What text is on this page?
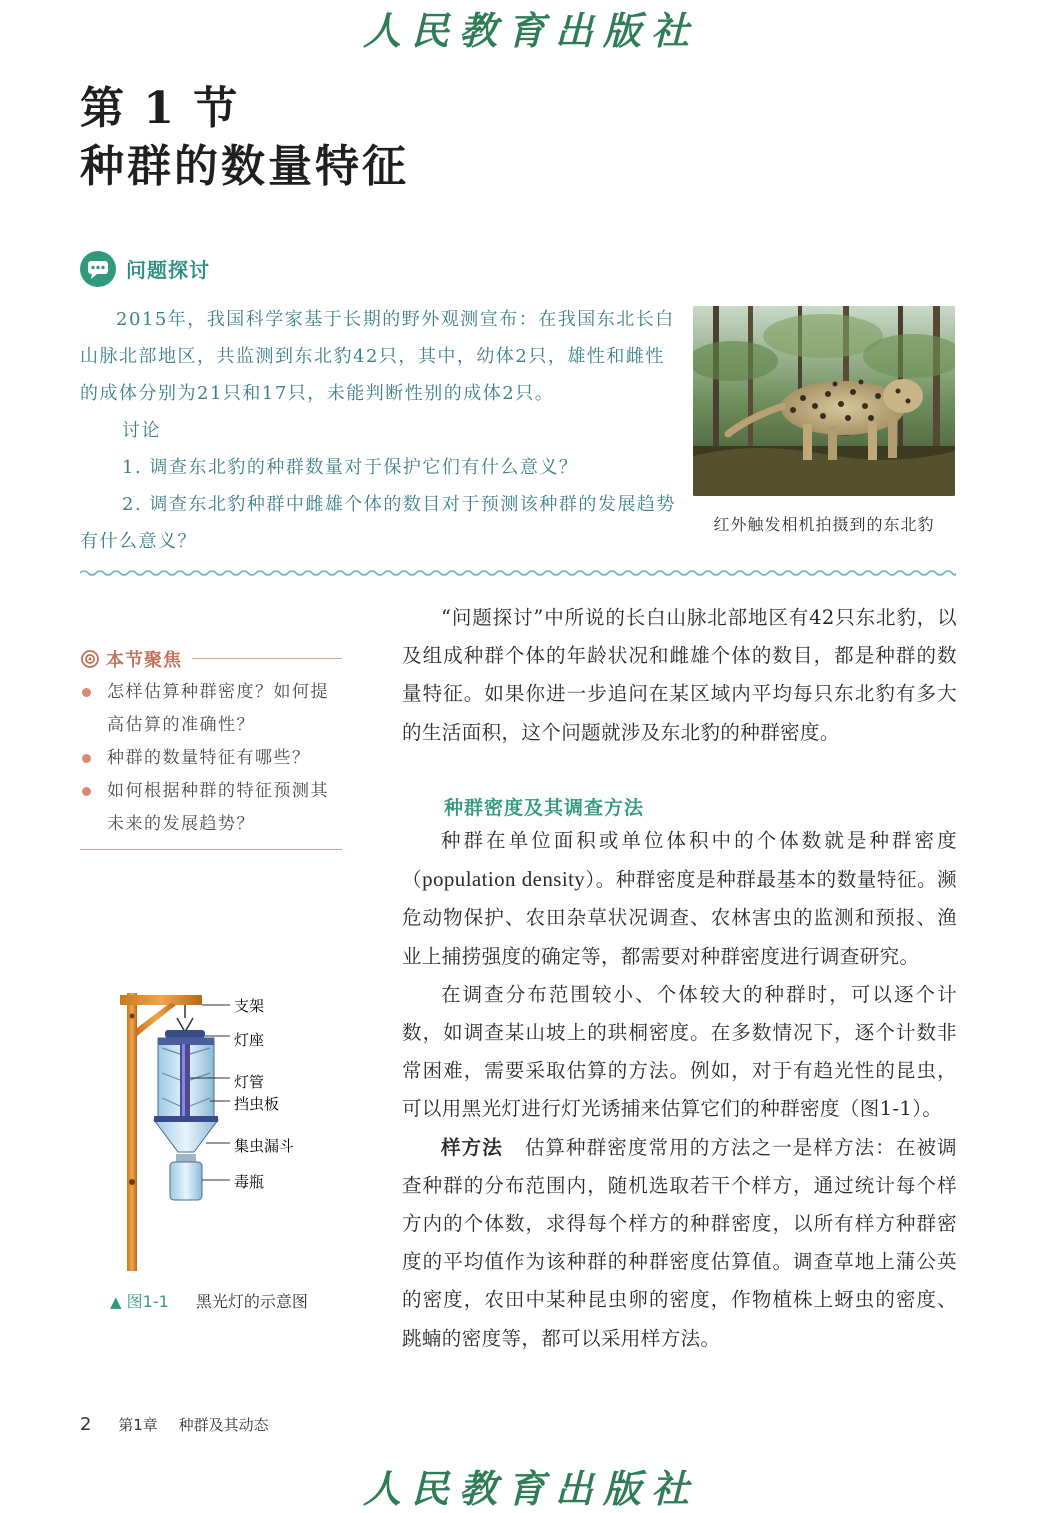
人民教育出版社
第 1 节
种群的数量特征
问题探讨
2015年，我国科学家基于长期的野外观测宣布：在我国东北长白山脉北部地区，共监测到东北豹42只，其中，幼体2只，雄性和雌性的成体分别为21只和17只，未能判断性别的成体2只。
讨论
1. 调查东北豹的种群数量对于保护它们有什么意义？
2. 调查东北豹种群中雌雄个体的数目对于预测该种群的发展趋势有什么意义？
红外触发相机拍摄到的东北豹
本节聚焦
怎样估算种群密度？如何提高估算的准确性？
种群的数量特征有哪些？
如何根据种群的特征预测其未来的发展趋势？

“问题探讨”中所说的长白山脉北部地区有42只东北豹，以及组成种群个体的年龄状况和雌雄个体的数目，都是种群的数量特征。如果你进一步追问在某区域内平均每只东北豹有多大的生活面积，这个问题就涉及东北豹的种群密度。

种群密度及其调查方法

种群在单位面积或单位体积中的个体数就是种群密度（population density）。种群密度是种群最基本的数量特征。濒危动物保护、农田杂草状况调查、农林害虫的监测和预报、渔业上捕捞强度的确定等，都需要对种群密度进行调查研究。

在调查分布范围较小、个体较大的种群时，可以逐个计数，如调查某山坡上的珙桐密度。在多数情况下，逐个计数非常困难，需要采取估算的方法。例如，对于有趋光性的昆虫，可以用黑光灯进行灯光诱捕来估算它们的种群密度（图1-1）。

样方法 估算种群密度常用的方法之一是样方法：在被调查种群的分布范围内，随机选取若干个样方，通过统计每个样方内的个体数，求得每个样方的种群密度，以所有样方种群密度的平均值作为该种群的种群密度估算值。调查草地上蒲公英的密度，农田中某种昆虫卵的密度，作物植株上蚜虫的密度、跳蝻的密度等，都可以采用样方法。

支架
灯座
灯管
挡虫板
集虫漏斗
毒瓶
▲ 图1-1 黑光灯的示意图
2 第1章 种群及其动态
人民教育出版社
